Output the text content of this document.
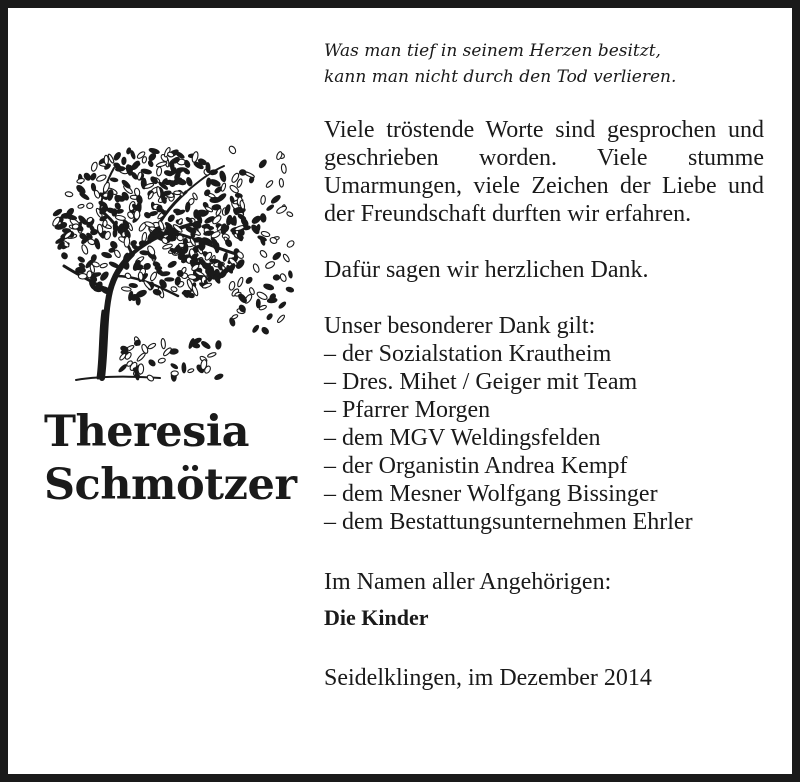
Theresia
Schmötzer
Was man tief in seinem Herzen besitzt,
kann man nicht durch den Tod verlieren.

Viele tröstende Worte sind gesprochen und geschrieben worden. Viele stumme Umarmungen, viele Zeichen der Liebe und der Freundschaft durften wir erfahren.

Dafür sagen wir herzlichen Dank.

Unser besonderer Dank gilt:

– der Sozialstation Krautheim
– Dres. Mihet / Geiger mit Team
– Pfarrer Morgen
– dem MGV Weldingsfelden
– der Organistin Andrea Kempf
– dem Mesner Wolfgang Bissinger
– dem Bestattungsunternehmen Ehrler

Im Namen aller Angehörigen:

Die Kinder

Seidelklingen, im Dezember 2014
